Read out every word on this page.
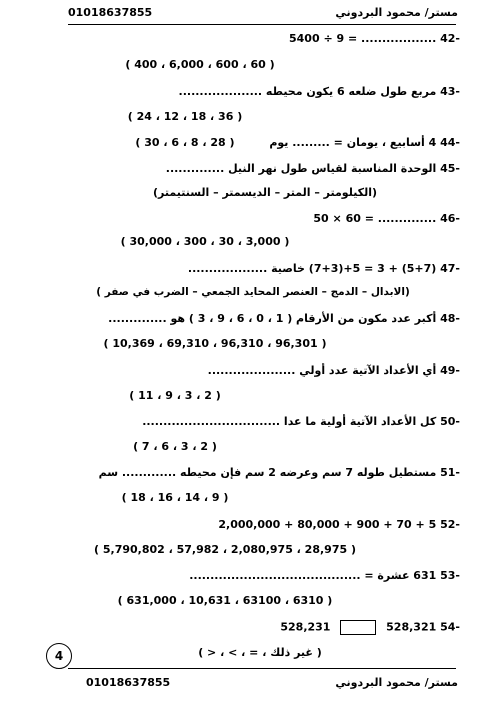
01018637855	مستر/ محمود البردوني
-42 .................. = 9 ÷ 5400
( 400 ، 6,000 ، 600 ، 60 )
-43 مربع طول ضلعه 6 يكون محيطه ....................
( 24 ، 12 ، 18 ، 36 )
-44 4 أسابيع ، يومان = ......... يوم
( 30 ، 6 ، 8 ، 28 )
-45 الوحدة المناسبة لقياس طول نهر النيل ..............
(الكيلومتر – المتر – الديسمتر – السنتيمتر)
-46 .............. = 60 × 50
( 30,000 ، 300 ، 30 ، 3,000 )
-47 (5+7) + 3 = 5+(7+3) خاصية ...................
( الابدال – الدمج – العنصر المحايد الجمعي – الضرب في صفر)
-48 أكبر عدد مكون من الأرقام ( 1 ، 0 ، 6 ، 9 ، 3 ) هو ..............
( 10,369 ، 69,310 ، 96,310 ، 96,301 )
-49 أي الأعداد الآتية عدد أولي .....................
( 11 ، 9 ، 3 ، 2 )
-50 كل الأعداد الآتية أولية ما عدا .................................
( 7 ، 6 ، 3 ، 2 )
-51 مستطيل طوله 7 سم وعرضه 2 سم فإن محيطه ............. سم
( 18 ، 16 ، 14 ، 9 )
-52 5 + 70 + 900 + 80,000 + 2,000,000
( 5,790,802 ، 57,982 ، 2,080,975 ، 28,975 )
-53 631 عشرة = .........................................
( 631,000 ، 10,631 ، 63100 ، 6310 )
-54 528,321  528,231
( > ، < ، = ، غير ذلك )
4
01018637855	مستر/ محمود البردوني
